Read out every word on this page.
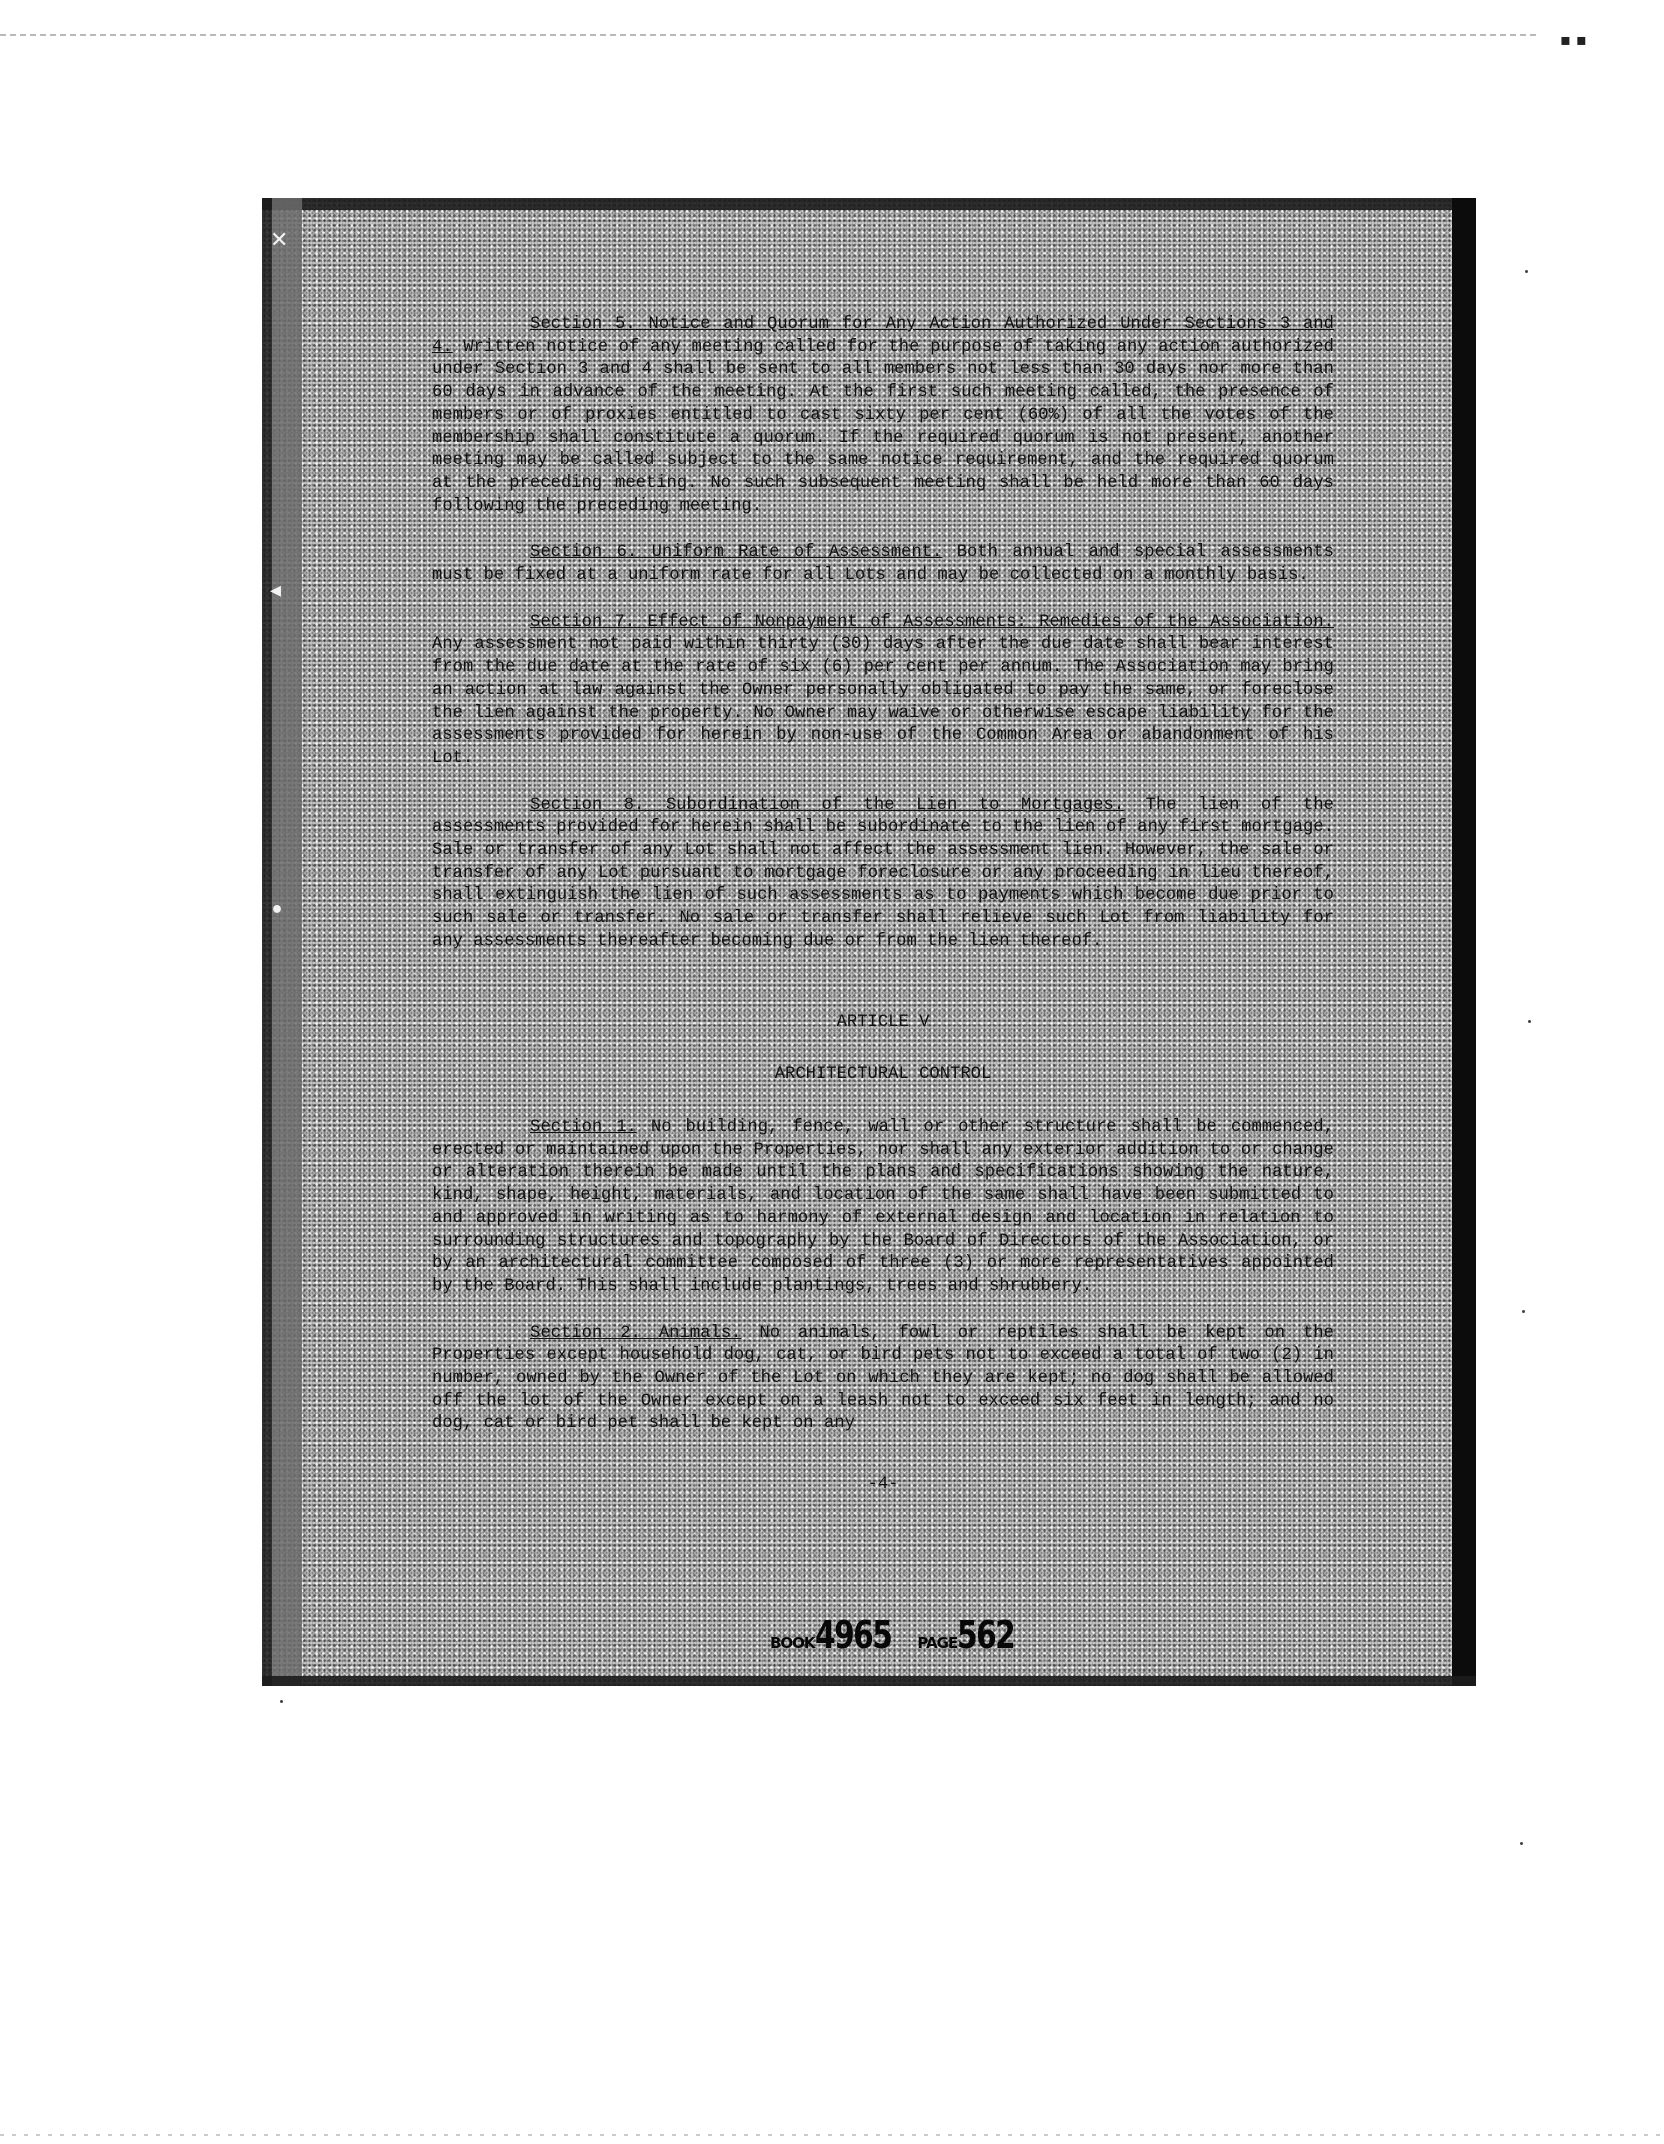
▪ ▪
✕
◂
•

Section 5. Notice and Quorum for Any Action Authorized Under Sections 3 and 4. Written notice of any meeting called for the purpose of taking any action authorized under Section 3 and 4 shall be sent to all members not less than 30 days nor more than 60 days in advance of the meeting. At the first such meeting called, the presence of members or of proxies entitled to cast sixty per cent (60%) of all the votes of the membership shall constitute a quorum. If the required quorum is not present, another meeting may be called subject to the same notice requirement, and the required quorum at the preceding meeting. No such subsequent meeting shall be held more than 60 days following the preceding meeting.

Section 6. Uniform Rate of Assessment. Both annual and special assessments must be fixed at a uniform rate for all Lots and may be collected on a monthly basis.

Section 7. Effect of Nonpayment of Assessments: Remedies of the Association. Any assessment not paid within thirty (30) days after the due date shall bear interest from the due date at the rate of six (6) per cent per annum. The Association may bring an action at law against the Owner personally obligated to pay the same, or foreclose the lien against the property. No Owner may waive or otherwise escape liability for the assessments provided for herein by non-use of the Common Area or abandonment of his Lot.

Section 8. Subordination of the Lien to Mortgages. The lien of the assessments provided for herein shall be subordinate to the lien of any first mortgage. Sale or transfer of any Lot shall not affect the assessment lien. However, the sale or transfer of any Lot pursuant to mortgage foreclosure or any proceeding in lieu thereof, shall extinguish the lien of such assessments as to payments which become due prior to such sale or transfer. No sale or transfer shall relieve such Lot from liability for any assessments thereafter becoming due or from the lien thereof.

ARTICLE V

ARCHITECTURAL CONTROL

Section 1. No building, fence, wall or other structure shall be commenced, erected or maintained upon the Properties, nor shall any exterior addition to or change or alteration therein be made until the plans and specifications showing the nature, kind, shape, height, materials, and location of the same shall have been submitted to and approved in writing as to harmony of external design and location in relation to surrounding structures and topography by the Board of Directors of the Association, or by an architectural committee composed of three (3) or more representatives appointed by the Board. This shall include plantings, trees and shrubbery.

Section 2. Animals. No animals, fowl or reptiles shall be kept on the Properties except household dog, cat, or bird pets not to exceed a total of two (2) in number, owned by the Owner of the Lot on which they are kept; no dog shall be allowed off the lot of the Owner except on a leash not to exceed six feet in length; and no dog, cat or bird pet shall be kept on any

-4-

BOOK4965 PAGE562
